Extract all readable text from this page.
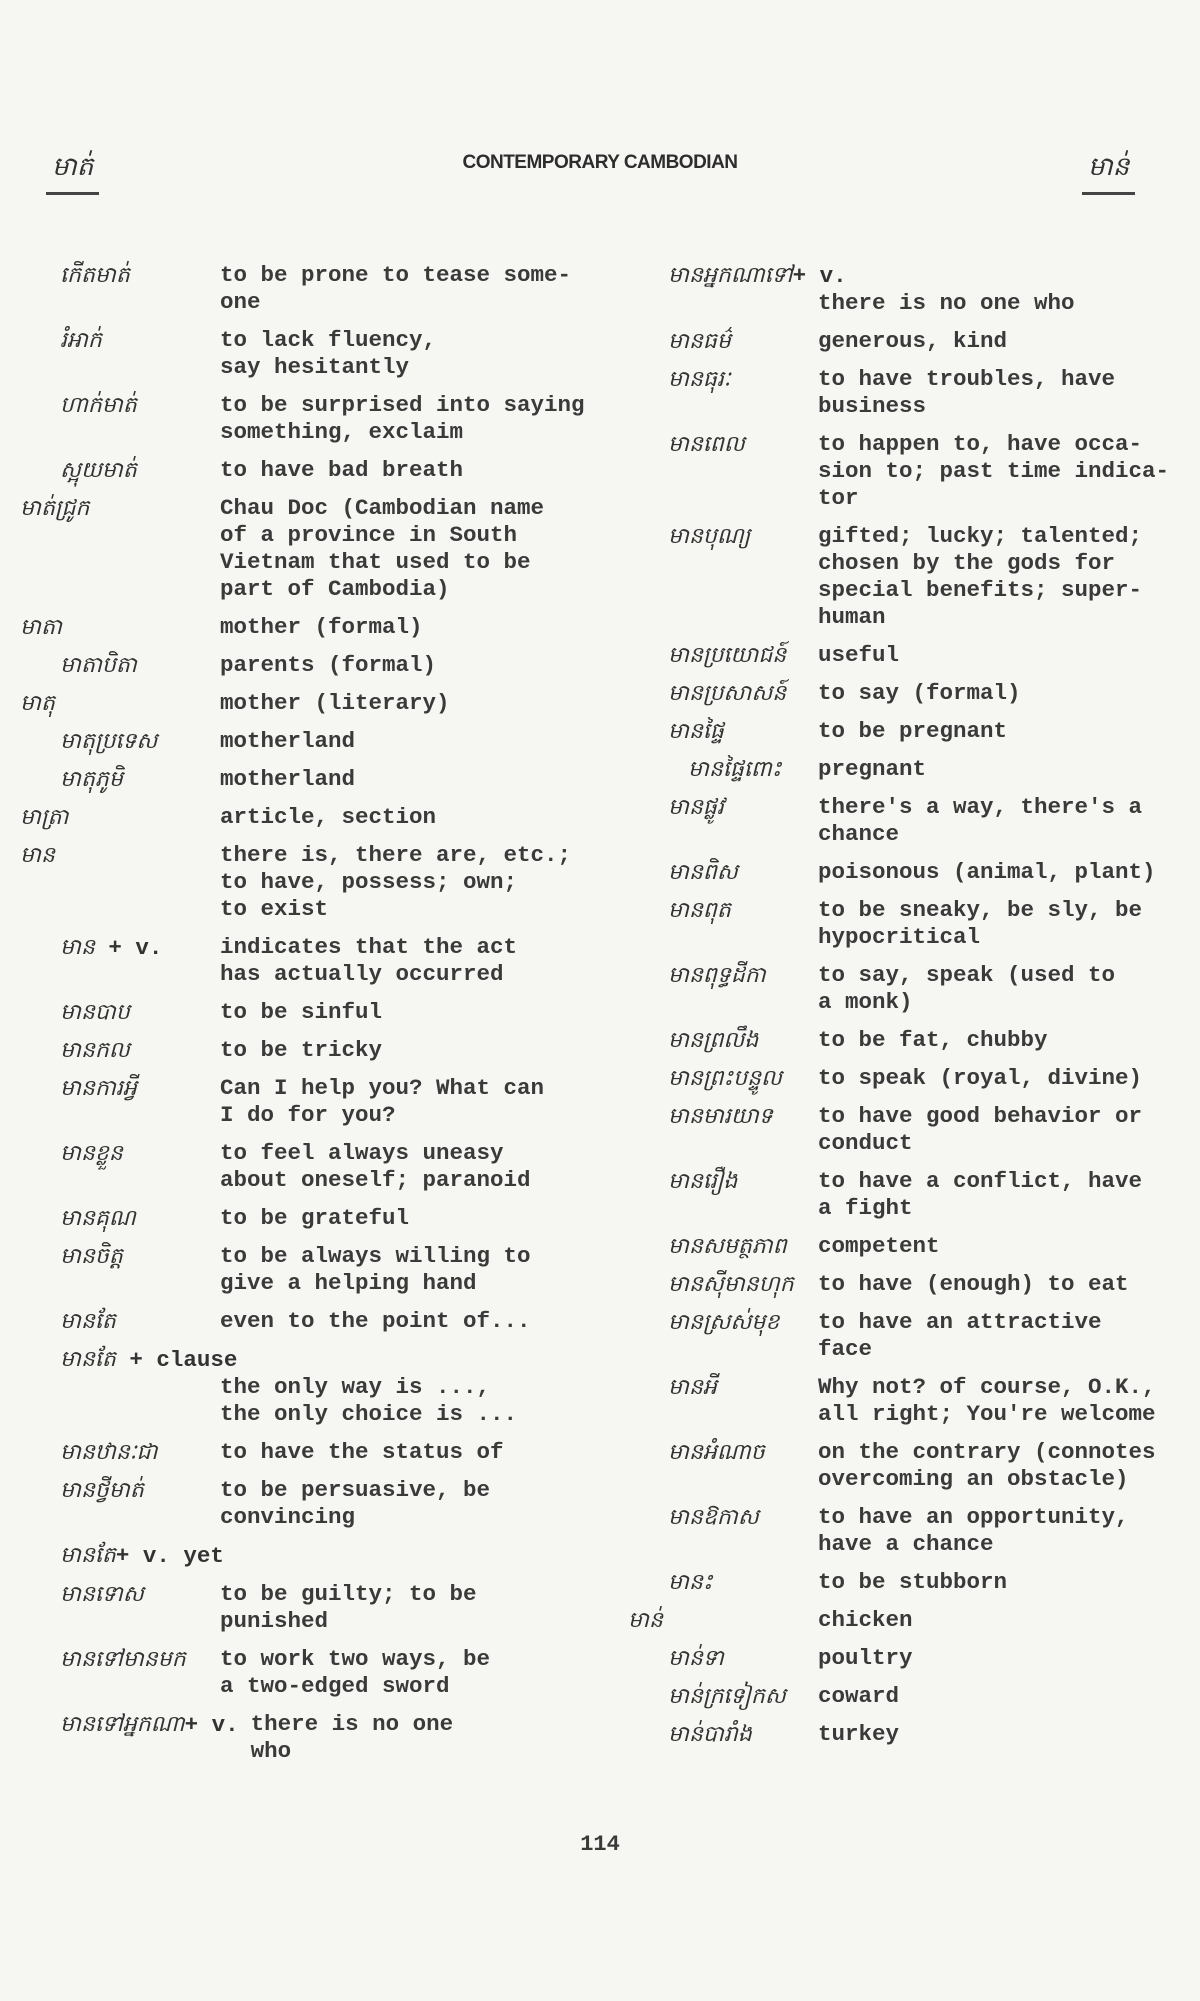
មាត់	CONTEMPORARY CAMBODIAN	មាន់
កើតមាត់	to be prone to tease some-
one
រំអាក់	to lack fluency,
say hesitantly
ហាក់មាត់	to be surprised into saying
something, exclaim
ស្អុយមាត់	to have bad breath
មាត់ជ្រូក	Chau Doc (Cambodian name
of a province in South
Vietnam that used to be
part of Cambodia)
មាតា	mother (formal)
មាតាបិតា	parents (formal)
មាតុ	mother (literary)
មាតុប្រទេស	motherland
មាតុភូមិ	motherland
មាត្រា	article, section
មាន	there is, there are, etc.;
to have, possess; own;
to exist
មាន + v.	indicates that the act
has actually occurred
មានបាប	to be sinful
មានកល	to be tricky
មានការអ្វី	Can I help you? What can
I do for you?
មានខ្លួន	to feel always uneasy
about oneself; paranoid
មានគុណ	to be grateful
មានចិត្ត	to be always willing to
give a helping hand
មានតែ	even to the point of...
មានតែ + clause
the only way is ...,
the only choice is ...
មានឋានៈជា	to have the status of
មានថ្វីមាត់	to be persuasive, be
convincing
មានតែ+ v. yet
មានទោស	to be guilty; to be
punished
មានទៅមានមក	to work two ways, be
a two-edged sword
មានទៅអ្នកណា+ v. there is no one
who
មានអ្នកណាទៅ+ v.
there is no one who
មានធម៌	generous, kind
មានធុរៈ	to have troubles, have
business
មានពេល	to happen to, have occa-
sion to; past time indica-
tor
មានបុណ្យ	gifted; lucky; talented;
chosen by the gods for
special benefits; super-
human
មានប្រយោជន៍	useful
មានប្រសាសន៍	to say (formal)
មានផ្ទៃ	to be pregnant
មានផ្ទៃពោះ	pregnant
មានផ្លូវ	there's a way, there's a
chance
មានពិស	poisonous (animal, plant)
មានពុត	to be sneaky, be sly, be
hypocritical
មានពុទ្ធដីកា	to say, speak (used to
a monk)
មានព្រលឹង	to be fat, chubby
មានព្រះបន្ទូល	to speak (royal, divine)
មានមារយាទ	to have good behavior or
conduct
មានរឿង	to have a conflict, have
a fight
មានសមត្ថភាព	competent
មានស៊ីមានហុក	to have (enough) to eat
មានស្រស់មុខ	to have an attractive
face
មានអី	Why not? of course, O.K.,
all right; You're welcome
មានអំណាច	on the contrary (connotes
overcoming an obstacle)
មានឱកាស	to have an opportunity,
have a chance
មានះ	to be stubborn
មាន់	chicken
មាន់ទា	poultry
មាន់ក្រទៀកស	coward
មាន់បារាំង	turkey
114
